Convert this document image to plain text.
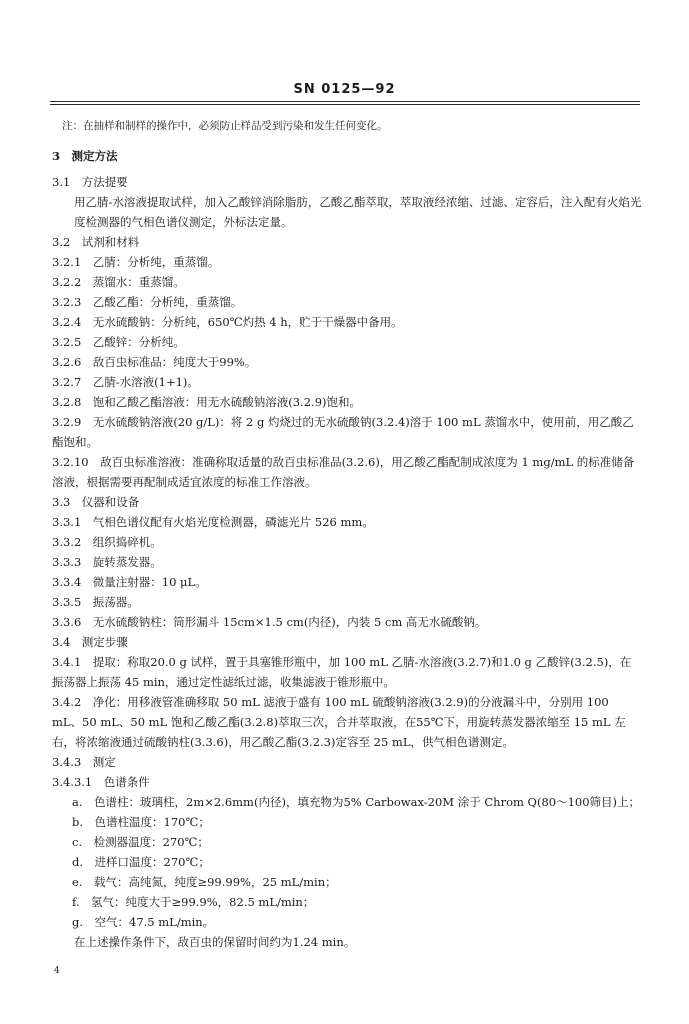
SN 0125—92
注：在抽样和制样的操作中，必须防止样品受到污染和发生任何变化。
3　测定方法
3.1　方法提要
用乙腈-水溶液提取试样，加入乙酸锌消除脂肪，乙酸乙酯萃取，萃取液经浓缩、过滤、定容后，注入配有火焰光度检测器的气相色谱仪测定，外标法定量。
3.2　试剂和材料
3.2.1　乙腈：分析纯，重蒸馏。
3.2.2　蒸馏水：重蒸馏。
3.2.3　乙酸乙酯：分析纯，重蒸馏。
3.2.4　无水硫酸钠：分析纯，650℃灼热 4 h，贮于干燥器中备用。
3.2.5　乙酸锌：分析纯。
3.2.6　敌百虫标准品：纯度大于99%。
3.2.7　乙腈-水溶液(1+1)。
3.2.8　饱和乙酸乙酯溶液：用无水硫酸钠溶液(3.2.9)饱和。
3.2.9　无水硫酸钠溶液(20 g/L)：将 2 g 灼烧过的无水硫酸钠(3.2.4)溶于 100 mL 蒸馏水中，使用前，用乙酸乙酯饱和。
3.2.10　敌百虫标准溶液：准确称取适量的敌百虫标准品(3.2.6)，用乙酸乙酯配制成浓度为 1 mg/mL 的标准储备溶液，根据需要再配制成适宜浓度的标准工作溶液。
3.3　仪器和设备
3.3.1　气相色谱仪配有火焰光度检测器，磷滤光片 526 mm。
3.3.2　组织捣碎机。
3.3.3　旋转蒸发器。
3.3.4　微量注射器：10 μL。
3.3.5　振荡器。
3.3.6　无水硫酸钠柱：筒形漏斗 15cm×1.5 cm(内径)，内装 5 cm 高无水硫酸钠。
3.4　测定步骤
3.4.1　提取：称取20.0 g 试样，置于具塞锥形瓶中，加 100 mL 乙腈-水溶液(3.2.7)和1.0 g 乙酸锌(3.2.5)，在振荡器上振荡 45 min，通过定性滤纸过滤，收集滤液于锥形瓶中。
3.4.2　净化：用移液管准确移取 50 mL 滤液于盛有 100 mL 硫酸钠溶液(3.2.9)的分液漏斗中，分别用 100 mL、50 mL、50 mL 饱和乙酸乙酯(3.2.8)萃取三次，合并萃取液，在55℃下，用旋转蒸发器浓缩至 15 mL 左右，将浓缩液通过硫酸钠柱(3.3.6)，用乙酸乙酯(3.2.3)定容至 25 mL，供气相色谱测定。
3.4.3　测定
3.4.3.1　色谱条件
a.　色谱柱：玻璃柱，2m×2.6mm(内径)，填充物为5% Carbowax-20M 涂于 Chrom Q(80～100筛目)上；
b.　色谱柱温度：170℃；
c.　检测器温度：270℃；
d.　进样口温度：270℃；
e.　载气：高纯氮，纯度≥99.99%，25 mL/min；
f.　氢气：纯度大于≥99.9%，82.5 mL/min；
g.　空气：47.5 mL/min。
在上述操作条件下，敌百虫的保留时间约为1.24 min。
4
